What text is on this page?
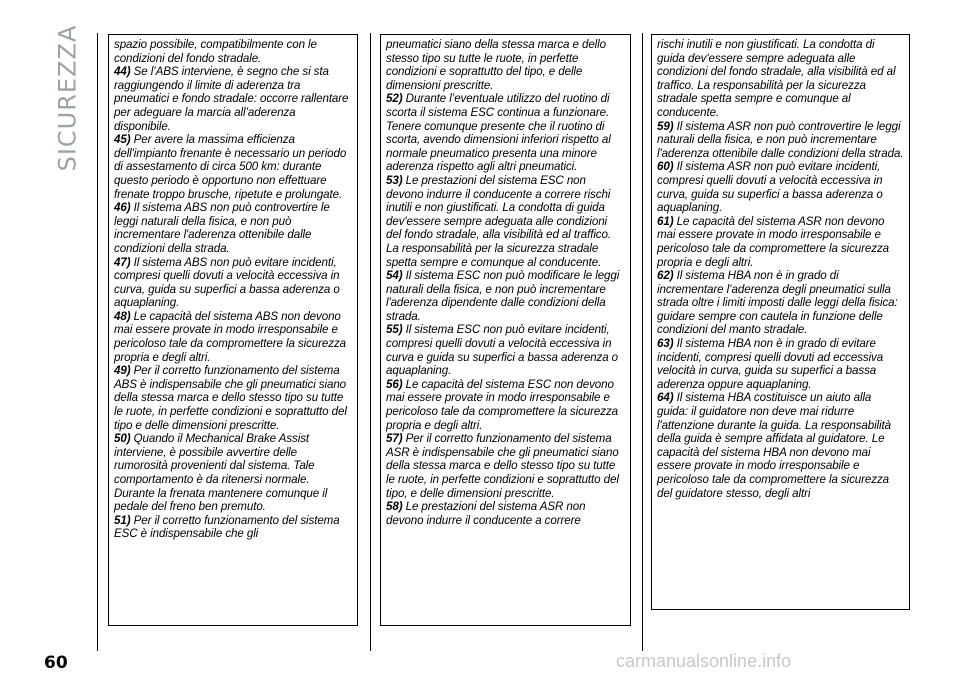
SICUREZZA	spazio possibile, compatibilmente con le condizioni del fondo stradale.

44) Se l’ABS interviene, è segno che si sta raggiungendo il limite di aderenza tra pneumatici e fondo stradale: occorre rallentare per adeguare la marcia all’aderenza disponibile.

45) Per avere la massima efficienza dell'impianto frenante è necessario un periodo di assestamento di circa 500 km: durante questo periodo è opportuno non effettuare frenate troppo brusche, ripetute e prolungate.

46) Il sistema ABS non può controvertire le leggi naturali della fisica, e non può incrementare l'aderenza ottenibile dalle condizioni della strada.

47) Il sistema ABS non può evitare incidenti, compresi quelli dovuti a velocità eccessiva in curva, guida su superfici a bassa aderenza o aquaplaning.

48) Le capacità del sistema ABS non devono mai essere provate in modo irresponsabile e pericoloso tale da compromettere la sicurezza propria e degli altri.

49) Per il corretto funzionamento del sistema ABS è indispensabile che gli pneumatici siano della stessa marca e dello stesso tipo su tutte le ruote, in perfette condizioni e soprattutto del tipo e delle dimensioni prescritte.

50) Quando il Mechanical Brake Assist interviene, è possibile avvertire delle rumorosità provenienti dal sistema. Tale comportamento è da ritenersi normale. Durante la frenata mantenere comunque il pedale del freno ben premuto.

51) Per il corretto funzionamento del sistema ESC è indispensabile che gli

pneumatici siano della stessa marca e dello stesso tipo su tutte le ruote, in perfette condizioni e soprattutto del tipo, e delle dimensioni prescritte.

52) Durante l’eventuale utilizzo del ruotino di scorta il sistema ESC continua a funzionare. Tenere comunque presente che il ruotino di scorta, avendo dimensioni inferiori rispetto al normale pneumatico presenta una minore aderenza rispetto agli altri pneumatici.

53) Le prestazioni del sistema ESC non devono indurre il conducente a correre rischi inutili e non giustificati. La condotta di guida dev'essere sempre adeguata alle condizioni del fondo stradale, alla visibilità ed al traffico. La responsabilità per la sicurezza stradale spetta sempre e comunque al conducente.

54) Il sistema ESC non può modificare le leggi naturali della fisica, e non può incrementare l'aderenza dipendente dalle condizioni della strada.

55) Il sistema ESC non può evitare incidenti, compresi quelli dovuti a velocità eccessiva in curva e guida su superfici a bassa aderenza o aquaplaning.

56) Le capacità del sistema ESC non devono mai essere provate in modo irresponsabile e pericoloso tale da compromettere la sicurezza propria e degli altri.

57) Per il corretto funzionamento del sistema ASR è indispensabile che gli pneumatici siano della stessa marca e dello stesso tipo su tutte le ruote, in perfette condizioni e soprattutto del tipo, e delle dimensioni prescritte.

58) Le prestazioni del sistema ASR non devono indurre il conducente a correre

rischi inutili e non giustificati. La condotta di guida dev'essere sempre adeguata alle condizioni del fondo stradale, alla visibilità ed al traffico. La responsabilità per la sicurezza stradale spetta sempre e comunque al conducente.

59) Il sistema ASR non può controvertire le leggi naturali della fisica, e non può incrementare l'aderenza ottenibile dalle condizioni della strada.

60) Il sistema ASR non può evitare incidenti, compresi quelli dovuti a velocità eccessiva in curva, guida su superfici a bassa aderenza o aquaplaning.

61) Le capacità del sistema ASR non devono mai essere provate in modo irresponsabile e pericoloso tale da compromettere la sicurezza propria e degli altri.

62) Il sistema HBA non è in grado di incrementare l’aderenza degli pneumatici sulla strada oltre i limiti imposti dalle leggi della fisica: guidare sempre con cautela in funzione delle condizioni del manto stradale.

63) Il sistema HBA non è in grado di evitare incidenti, compresi quelli dovuti ad eccessiva velocità in curva, guida su superfici a bassa aderenza oppure aquaplaning.

64) Il sistema HBA costituisce un aiuto alla guida: il guidatore non deve mai ridurre l'attenzione durante la guida. La responsabilità della guida è sempre affidata al guidatore. Le capacità del sistema HBA non devono mai essere provate in modo irresponsabile e pericoloso tale da compromettere la sicurezza del guidatore stesso, degli altri

60	carmanualsonline.info
